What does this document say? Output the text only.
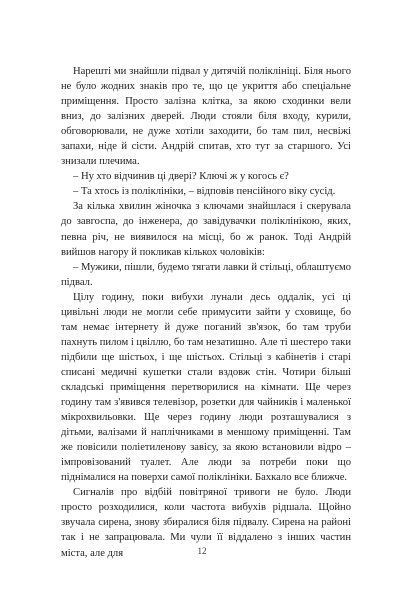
Нарешті ми знайшли підвал у дитячій поліклініці. Біля нього не було жодних знаків про те, що це укриття або спеціальне приміщення. Просто залізна клітка, за якою сходинки вели вниз, до залізних дверей. Люди стояли біля входу, курили, обговорювали, не дуже хотіли заходити, бо там пил, несвіжі запахи, ніде й сісти. Андрій спитав, хто тут за старшого. Усі знизали плечима.

– Ну хто відчинив ці двері? Ключі ж у когось є?

– Та хтось із поліклініки, – відповів пенсійного віку сусід.

За кілька хвилин жіночка з ключами знайшлася і скерувала до завгоспа, до інженера, до завідувачки поліклінікою, яких, певна річ, не виявилося на місці, бо ж ранок. Тоді Андрій вийшов нагору й покликав кількох чоловіків:

– Мужики, пішли, будемо тягати лавки й стільці, облаштуємо підвал.

Цілу годину, поки вибухи лунали десь оддалік, усі ці цивільні люди не могли себе примусити зайти у сховище, бо там немає інтернету й дуже поганий зв'язок, бо там труби пахнуть пилом і цвіллю, бо там незатишно. Але ті шестеро таки підбили ще шістьох, і ще шістьох. Стільці з кабінетів і старі списані медичні кушетки стали вздовж стін. Чотири більші складські приміщення перетворилися на кімнати. Ще через годину там з'явився телевізор, розетки для чайників і маленької мікрохвильовки. Ще через годину люди розташувалися з дітьми, валізами й наплічниками в меншому приміщенні. Там же повісили поліетиленову завісу, за якою встановили відро – імпровізований туалет. Але люди за потреби поки що піднімалися на поверхи самої поліклініки. Бахкало все ближче.

Сигналів про відбій повітряної тривоги не було. Люди просто розходилися, коли частота вибухів рідшала. Щойно звучала сирена, знову збиралися біля підвалу. Сирена на районі так і не запрацювала. Ми чули її віддалено з інших частин міста, але для	12
